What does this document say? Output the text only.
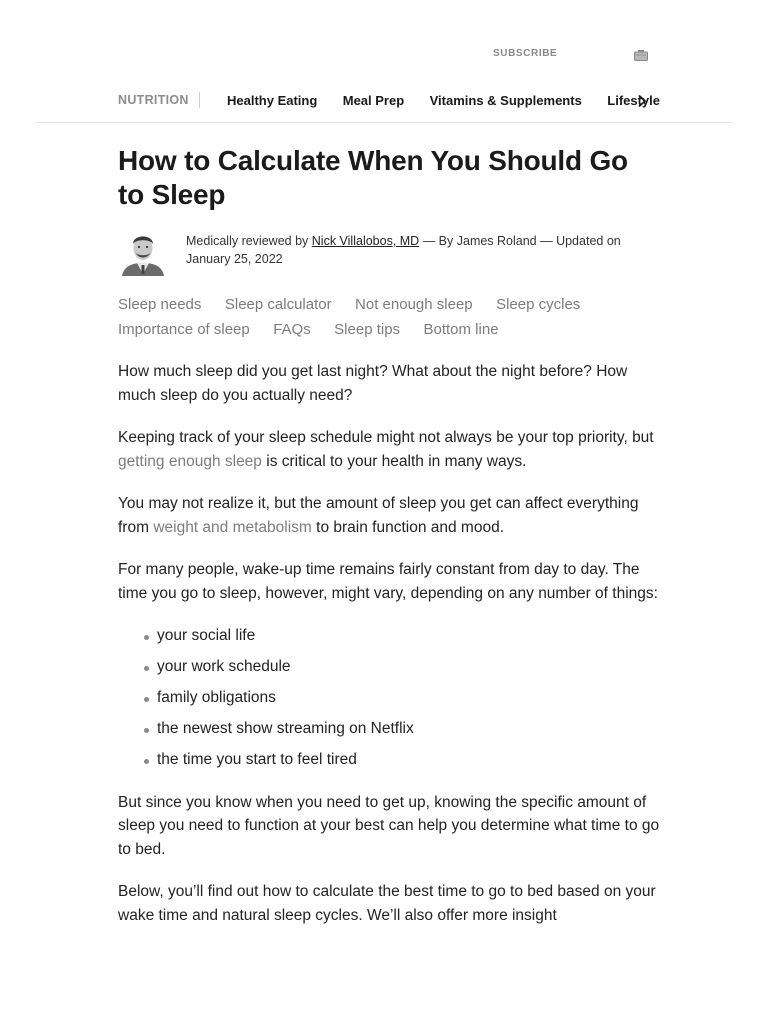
SUBSCRIBE
NUTRITION	Healthy Eating Meal Prep Vitamins & Supplements Lifestyle
How to Calculate When You Should Go to Sleep
Medically reviewed by Nick Villalobos, MD — By James Roland — Updated on January 25, 2022
Sleep needs Sleep calculator Not enough sleep Sleep cycles
Importance of sleep FAQs Sleep tips Bottom line

How much sleep did you get last night? What about the night before? How much sleep do you actually need?

Keeping track of your sleep schedule might not always be your top priority, but getting enough sleep is critical to your health in many ways.

You may not realize it, but the amount of sleep you get can affect everything from weight and metabolism to brain function and mood.

For many people, wake-up time remains fairly constant from day to day. The time you go to sleep, however, might vary, depending on any number of things:

your social life
your work schedule
family obligations
the newest show streaming on Netflix
the time you start to feel tired

But since you know when you need to get up, knowing the specific amount of sleep you need to function at your best can help you determine what time to go to bed.

Below, you’ll find out how to calculate the best time to go to bed based on your wake time and natural sleep cycles. We’ll also offer more insight
